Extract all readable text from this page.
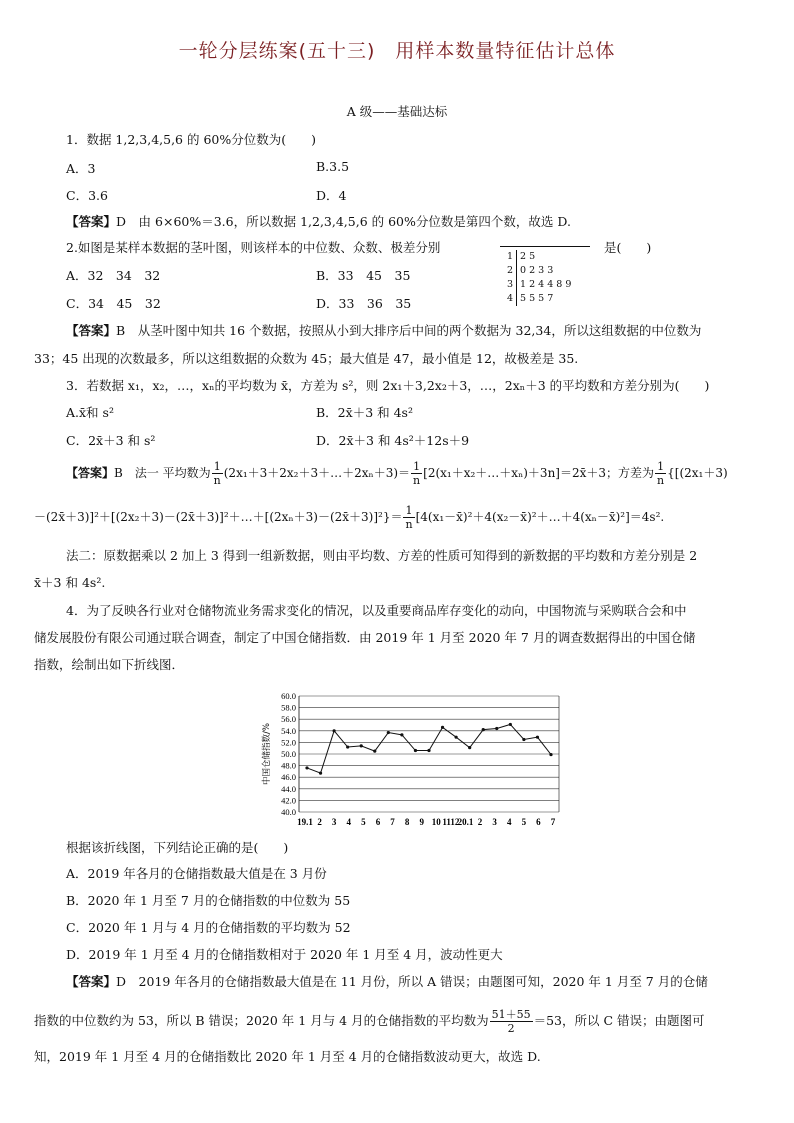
一轮分层练案(五十三)　用样本数量特征估计总体
A 级——基础达标
1．数据 1,2,3,4,5,6 的 60%分位数为(　　)
A．3	B.3.5
C．3.6	D．4
【答案】D　由 6×60%＝3.6，所以数据 1,2,3,4,5,6 的 60%分位数是第四个数，故选 D.
2.如图是某样本数据的茎叶图，则该样本的中位数、众数、极差分别	是(　　)
1	2 5
2	0 2 3 3
3	1 2 4 4 8 9
4	5 5 5 7
A．32　34　32	B．33　45　35
C．34　45　32	D．33　36　35
【答案】B　从茎叶图中知共 16 个数据，按照从小到大排序后中间的两个数据为 32,34，所以这组数据的中位数为
33；45 出现的次数最多，所以这组数据的众数为 45；最大值是 47，最小值是 12，故极差是 35.
3．若数据 x₁，x₂，…，xₙ的平均数为 x̄，方差为 s²，则 2x₁＋3,2x₂＋3，…，2xₙ＋3 的平均数和方差分别为(　　)
A.x̄和 s²	B．2x̄＋3 和 4s²
C．2x̄＋3 和 s²	D．2x̄＋3 和 4s²＋12s＋9
【答案】B　法一 平均数为 $\frac{1}{n}$ (2x₁＋3＋2x₂＋3＋…＋2xₙ＋3)＝ $\frac{1}{n}$ [2(x₁＋x₂＋…＋xₙ)＋3n]＝2x̄＋3；方差为 $\frac{1}{n} \{[(2x_1+3)$
－(2x̄＋3)]²＋[(2x₂＋3)－(2x̄＋3)]²＋…＋[(2xₙ＋3)－(2x̄＋3)]²}＝ $\frac{1}{n}$ [4(x₁－x̄)²＋4(x₂－x̄)²＋…＋4(xₙ－x̄)²]＝4s².
法二：原数据乘以 2 加上 3 得到一组新数据，则由平均数、方差的性质可知得到的新数据的平均数和方差分别是 2
x̄＋3 和 4s².
4．为了反映各行业对仓储物流业务需求变化的情况，以及重要商品库存变化的动向，中国物流与采购联合会和中
储发展股份有限公司通过联合调查，制定了中国仓储指数．由 2019 年 1 月至 2020 年 7 月的调查数据得出的中国仓储
指数，绘制出如下折线图．
60.0
58.0
56.0
54.0
52.0
50.0
48.0
46.0
44.0
42.0
40.0
中国仓储指数/%
19.1 2 3 4 5 6 7 8 9 10 1112
20.1 2 3 4 5 6 7
根据该折线图，下列结论正确的是(　　)
A．2019 年各月的仓储指数最大值是在 3 月份
B．2020 年 1 月至 7 月的仓储指数的中位数为 55
C．2020 年 1 月与 4 月的仓储指数的平均数为 52
D．2019 年 1 月至 4 月的仓储指数相对于 2020 年 1 月至 4 月，波动性更大
【答案】D　2019 年各月的仓储指数最大值是在 11 月份，所以 A 错误；由题图可知，2020 年 1 月至 7 月的仓储
指数的中位数约为 53，所以 B 错误；2020 年 1 月与 4 月的仓储指数的平均数为 $\frac{51+55}{2} =53$，所以 C 错误；由题图可
知，2019 年 1 月至 4 月的仓储指数比 2020 年 1 月至 4 月的仓储指数波动更大，故选 D.
